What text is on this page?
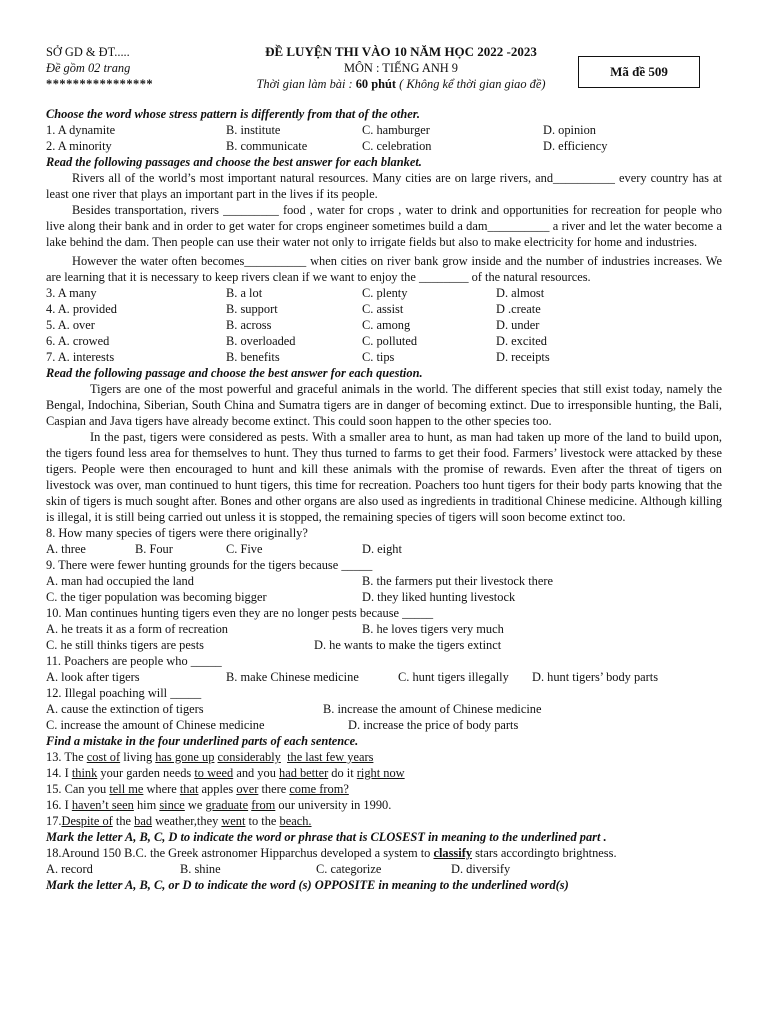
SỞ GD & ĐT.....
Đề gồm 02 trang
****************
ĐỀ LUYỆN THI VÀO 10 NĂM HỌC 2022 -2023
MÔN : TIẾNG ANH 9
Thời gian làm bài : 60 phút ( Không kể thời gian giao đề)
Mã đề 509
Choose the word whose stress pattern is differently from that of the other.
1. A dynamite	B. institute	C. hamburger	D. opinion
2. A minority	B. communicate	C. celebration	D. efficiency
Read the following passages and choose the best answer for each blanket.
Rivers all of the world’s most important natural resources. Many cities are on large rivers, and__________ every country has at least one river that plays an important part in the lives if its people.
Besides transportation, rivers _________ food , water for crops , water to drink and opportunities for recreation for people who live along their bank and in order to get water for crops engineer sometimes build a dam__________ a river and let the water become a lake behind the dam. Then people can use their water not only to irrigate fields but also to make electricity for home and industries.
However the water often becomes__________ when cities on river bank grow inside and the number of industries increases. We are learning that it is necessary to keep rivers clean if we want to enjoy the ________ of the natural resources.
3. A many	B. a lot	C. plenty	D. almost
4. A. provided	B. support	C. assist	D .create
5. A. over	B. across	C. among	D. under
6. A. crowed	B. overloaded	C. polluted	D. excited
7. A. interests	B. benefits	C. tips	D. receipts
Read the following passage and choose the best answer for each question.
Tigers are one of the most powerful and graceful animals in the world. The different species that still exist today, namely the Bengal, Indochina, Siberian, South China and Sumatra tigers are in danger of becoming extinct. Due to irresponsible hunting, the Bali, Caspian and Java tigers have already become extinct. This could soon happen to the other species too.
In the past, tigers were considered as pests. With a smaller area to hunt, as man had taken up more of the land to build upon, the tigers found less area for themselves to hunt. They thus turned to farms to get their food. Farmers’ livestock were attacked by these tigers. People were then encouraged to hunt and kill these animals with the promise of rewards. Even after the threat of tigers on livestock was over, man continued to hunt tigers, this time for recreation. Poachers too hunt tigers for their body parts knowing that the skin of tigers is much sought after. Bones and other organs are also used as ingredients in traditional Chinese medicine. Although killing is illegal, it is still being carried out unless it is stopped, the remaining species of tigers will soon become extinct too.
8. How many species of tigers were there originally?
A. three	B. Four	C. Five	D. eight
9. There were fewer hunting grounds for the tigers because _____
A. man had occupied the land	B. the farmers put their livestock there
C. the tiger population was becoming bigger	D. they liked hunting livestock
10. Man continues hunting tigers even they are no longer pests because _____
A. he treats it as a form of recreation	B. he loves tigers very much
C. he still thinks tigers are pests	D. he wants to make the tigers extinct
11. Poachers are people who _____
A. look after tigers	B. make Chinese medicine	C. hunt tigers illegally D. hunt tigers’ body parts
12. Illegal poaching will _____
A. cause the extinction of tigers	B. increase the amount of Chinese medicine
C. increase the amount of Chinese medicine	D. increase the price of body parts
Find a mistake in the four underlined parts of each sentence.
13. The cost of living has gone up considerably the last few years
14. I think your garden needs to weed and you had better do it right now
15. Can you tell me where that apples over there come from?
16. I haven’t seen him since we graduate from our university in 1990.
17.Despite of the bad weather,they went to the beach.
Mark the letter A, B, C, D to indicate the word or phrase that is CLOSEST in meaning to the underlined part .
18.Around 150 B.C. the Greek astronomer Hipparchus developed a system to classify stars accordingto brightness.
A. record	B. shine	C. categorize	D. diversify
Mark the letter A, B, C, or D to indicate the word (s) OPPOSITE in meaning to the underlined word(s)
